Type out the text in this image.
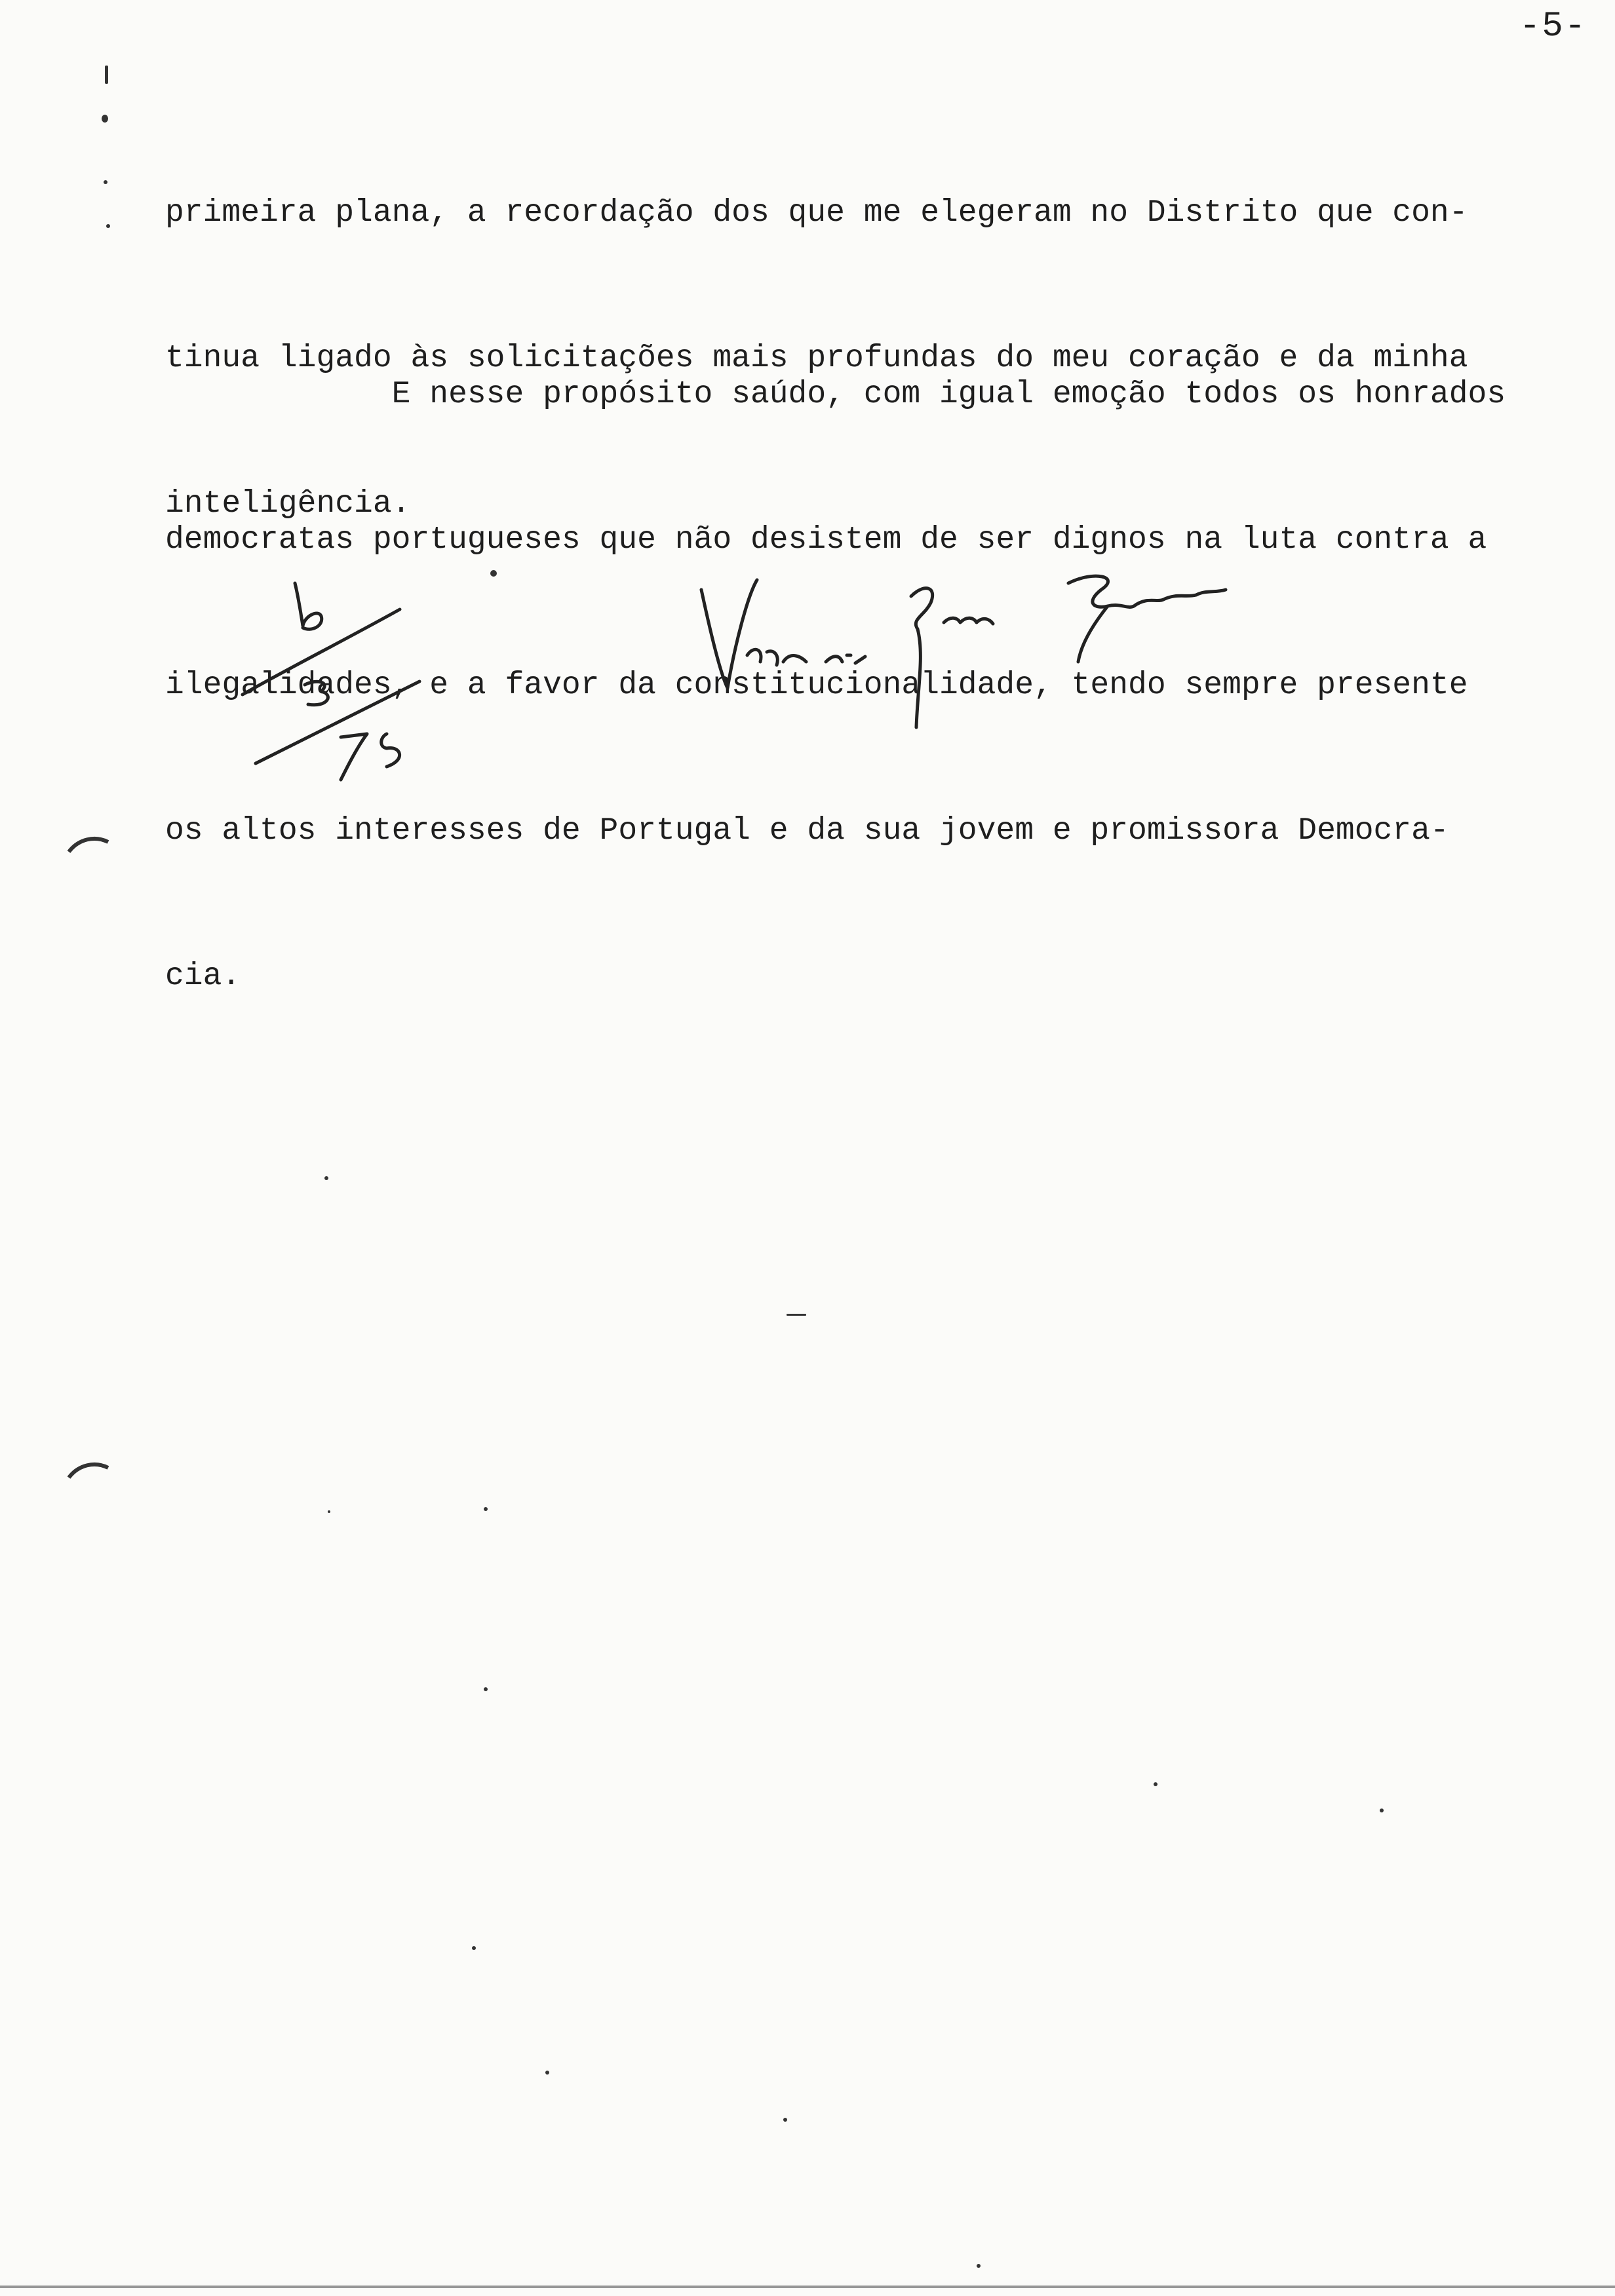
-5-

primeira plana, a recordação dos que me elegeram no Distrito que con-

tinua ligado às solicitações mais profundas do meu coração e da minha

inteligência.

E nesse propósito saúdo, com igual emoção todos os honrados

democratas portugueses que não desistem de ser dignos na luta contra a

ilegalidades, e a favor da constitucionalidade, tendo sempre presente

os altos interesses de Portugal e da sua jovem e promissora Democra-

cia.
